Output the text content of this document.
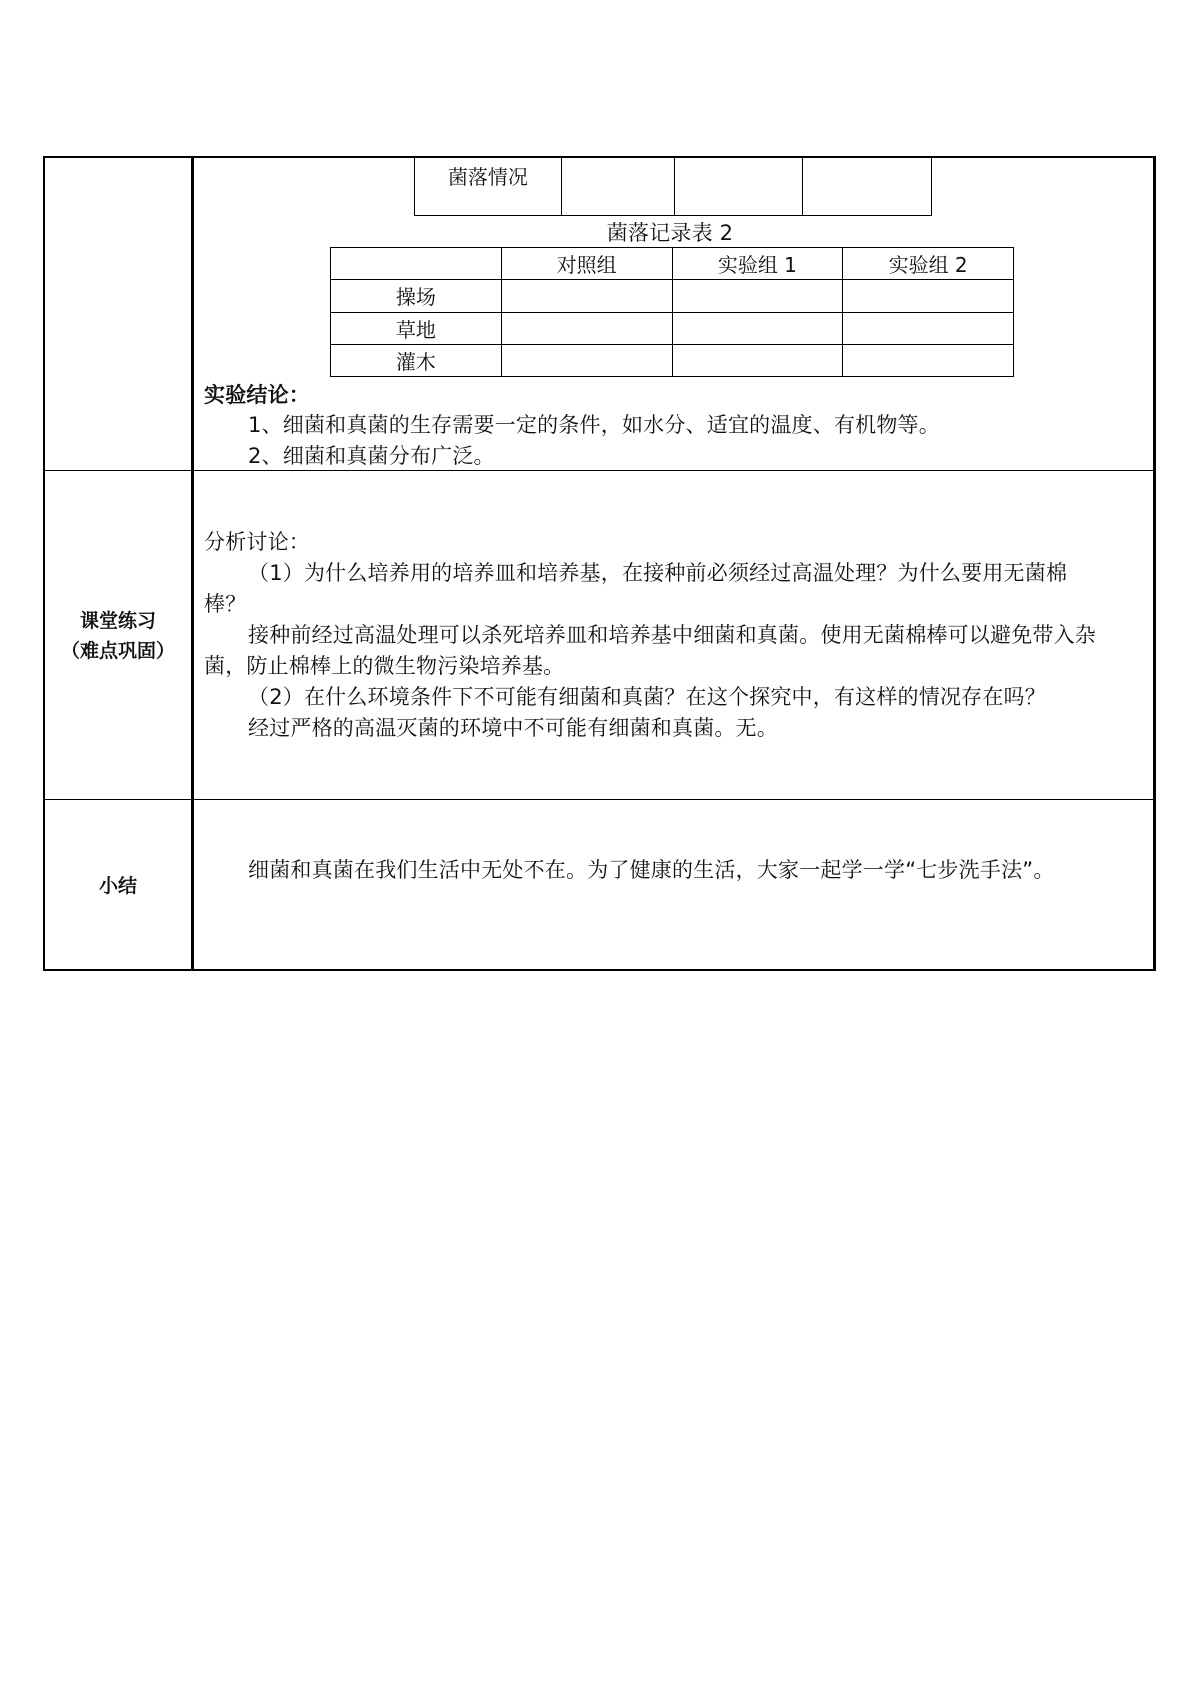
菌落情况

菌落记录表 2
	对照组	实验组 1	实验组 2
操场			
草地			
灌木			
实验结论：
1、细菌和真菌的生存需要一定的条件，如水分、适宜的温度、有机物等。
2、细菌和真菌分布广泛。
课堂练习
（难点巩固）
分析讨论：
（1）为什么培养用的培养皿和培养基，在接种前必须经过高温处理？为什么要用无菌棉
棒？
接种前经过高温处理可以杀死培养皿和培养基中细菌和真菌。使用无菌棉棒可以避免带入杂
菌，防止棉棒上的微生物污染培养基。
（2）在什么环境条件下不可能有细菌和真菌？在这个探究中，有这样的情况存在吗？
经过严格的高温灭菌的环境中不可能有细菌和真菌。无。
小结
细菌和真菌在我们生活中无处不在。为了健康的生活，大家一起学一学“七步洗手法”。
